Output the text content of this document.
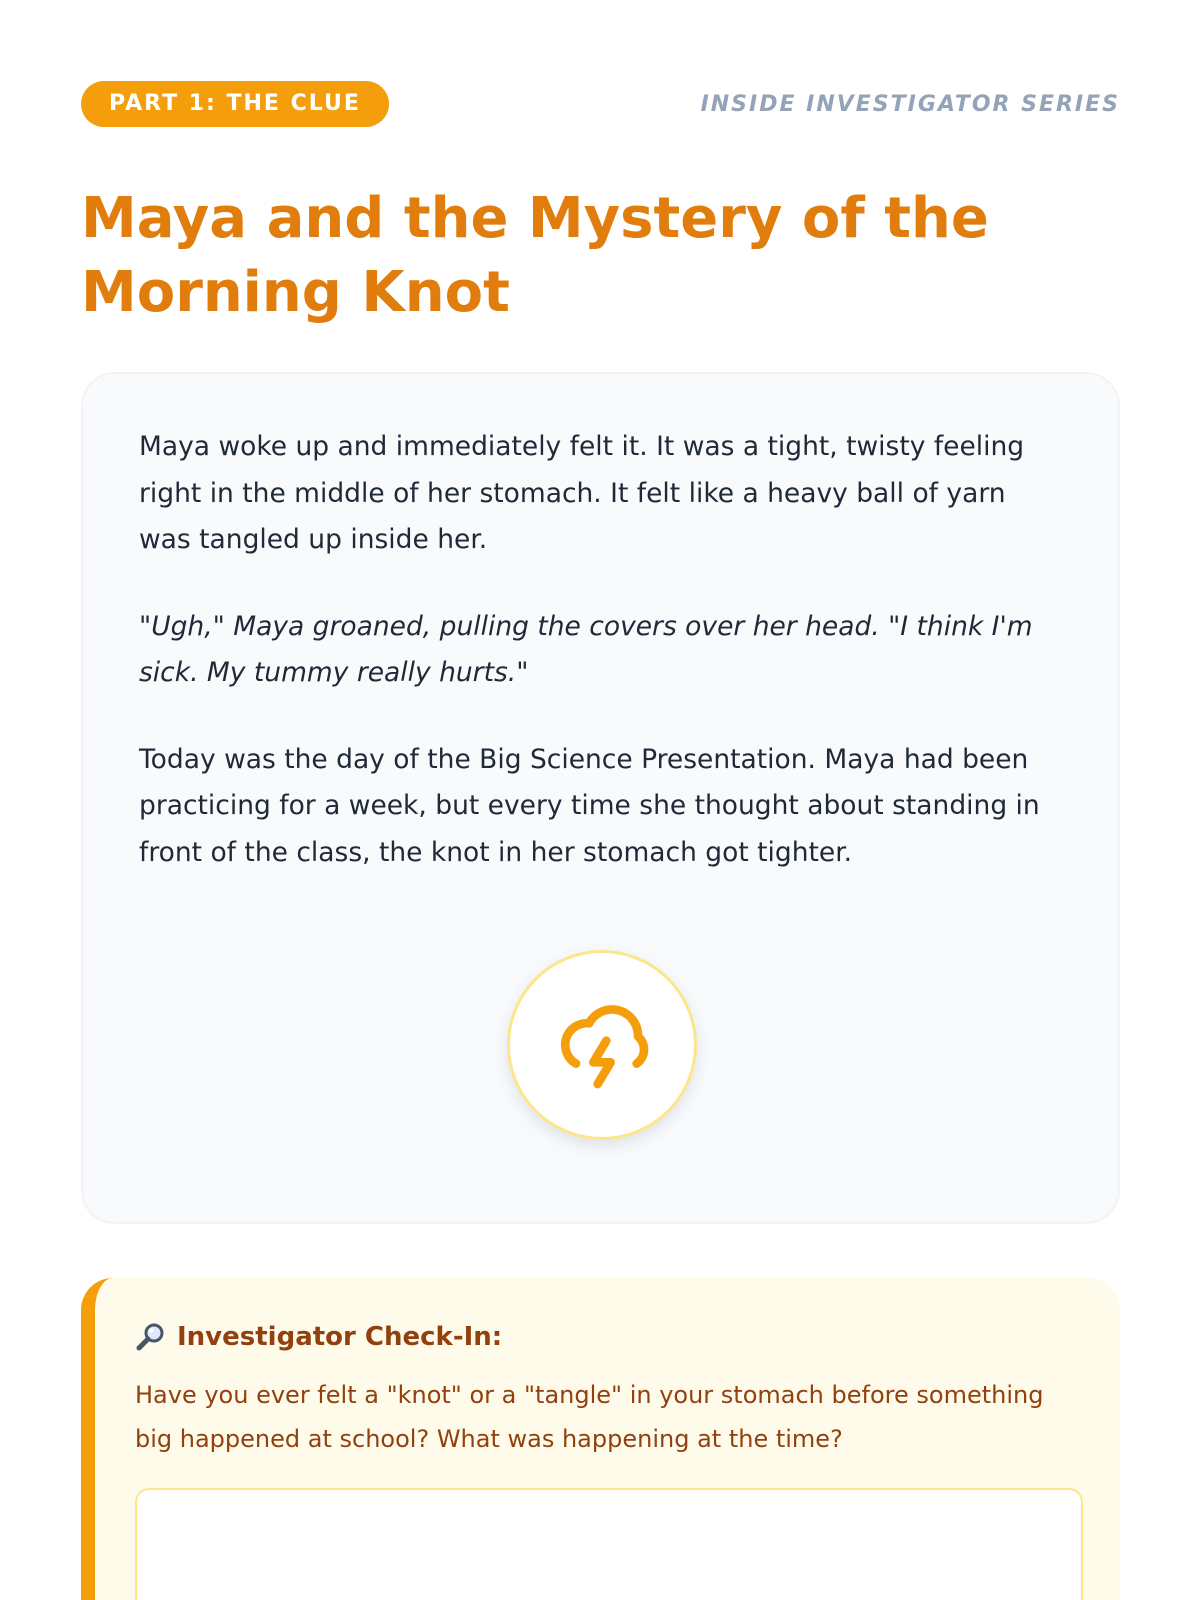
PART 1: THE CLUE	INSIDE INVESTIGATOR SERIES
Maya and the Mystery of the Morning Knot

Maya woke up and immediately felt it. It was a tight, twisty feeling right in the middle of her stomach. It felt like a heavy ball of yarn was tangled up inside her.

"Ugh," Maya groaned, pulling the covers over her head. "I think I'm sick. My tummy really hurts."

Today was the day of the Big Science Presentation. Maya had been practicing for a week, but every time she thought about standing in front of the class, the knot in her stomach got tighter.

Investigator Check-In:

Have you ever felt a "knot" or a "tangle" in your stomach before something big happened at school? What was happening at the time?
